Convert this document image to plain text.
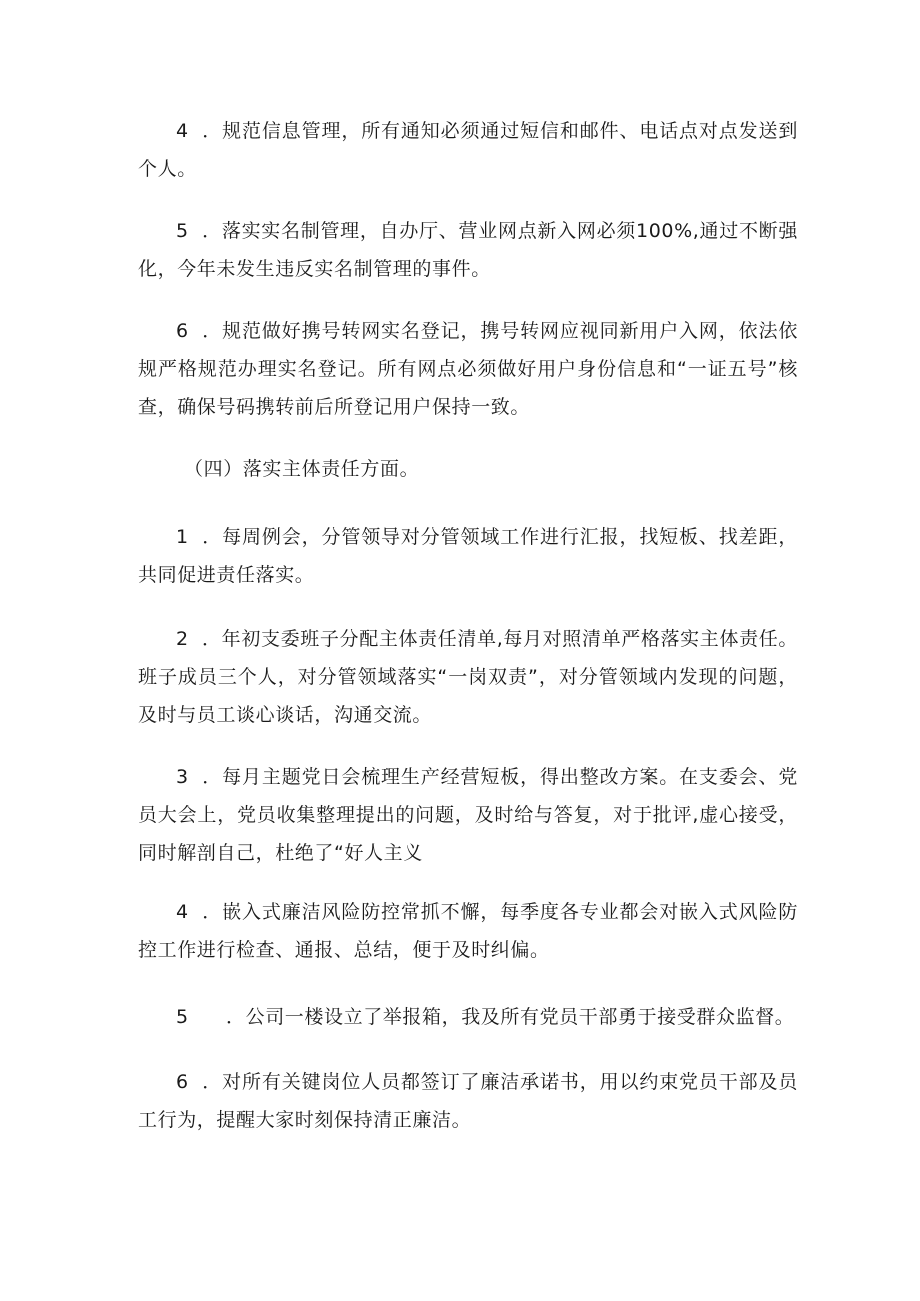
4 ．规范信息管理，所有通知必须通过短信和邮件、电话点对点发送到个人。

5 ．落实实名制管理，自办厅、营业网点新入网必须100%,通过不断强化，今年未发生违反实名制管理的事件。

6 ．规范做好携号转网实名登记，携号转网应视同新用户入网，依法依规严格规范办理实名登记。所有网点必须做好用户身份信息和“一证五号”核查，确保号码携转前后所登记用户保持一致。

（四）落实主体责任方面。

1 ．每周例会，分管领导对分管领域工作进行汇报，找短板、找差距，共同促进责任落实。

2 ．年初支委班子分配主体责任清单,每月对照清单严格落实主体责任。班子成员三个人，对分管领域落实“一岗双责”，对分管领域内发现的问题，及时与员工谈心谈话，沟通交流。

3 ．每月主题党日会梳理生产经营短板，得出整改方案。在支委会、党员大会上，党员收集整理提出的问题，及时给与答复，对于批评,虚心接受，同时解剖自己，杜绝了“好人主义

4 ．嵌入式廉洁风险防控常抓不懈，每季度各专业都会对嵌入式风险防控工作进行检查、通报、总结，便于及时纠偏。

5 ．公司一楼设立了举报箱，我及所有党员干部勇于接受群众监督。

6 ．对所有关键岗位人员都签订了廉洁承诺书，用以约束党员干部及员工行为，提醒大家时刻保持清正廉洁。
